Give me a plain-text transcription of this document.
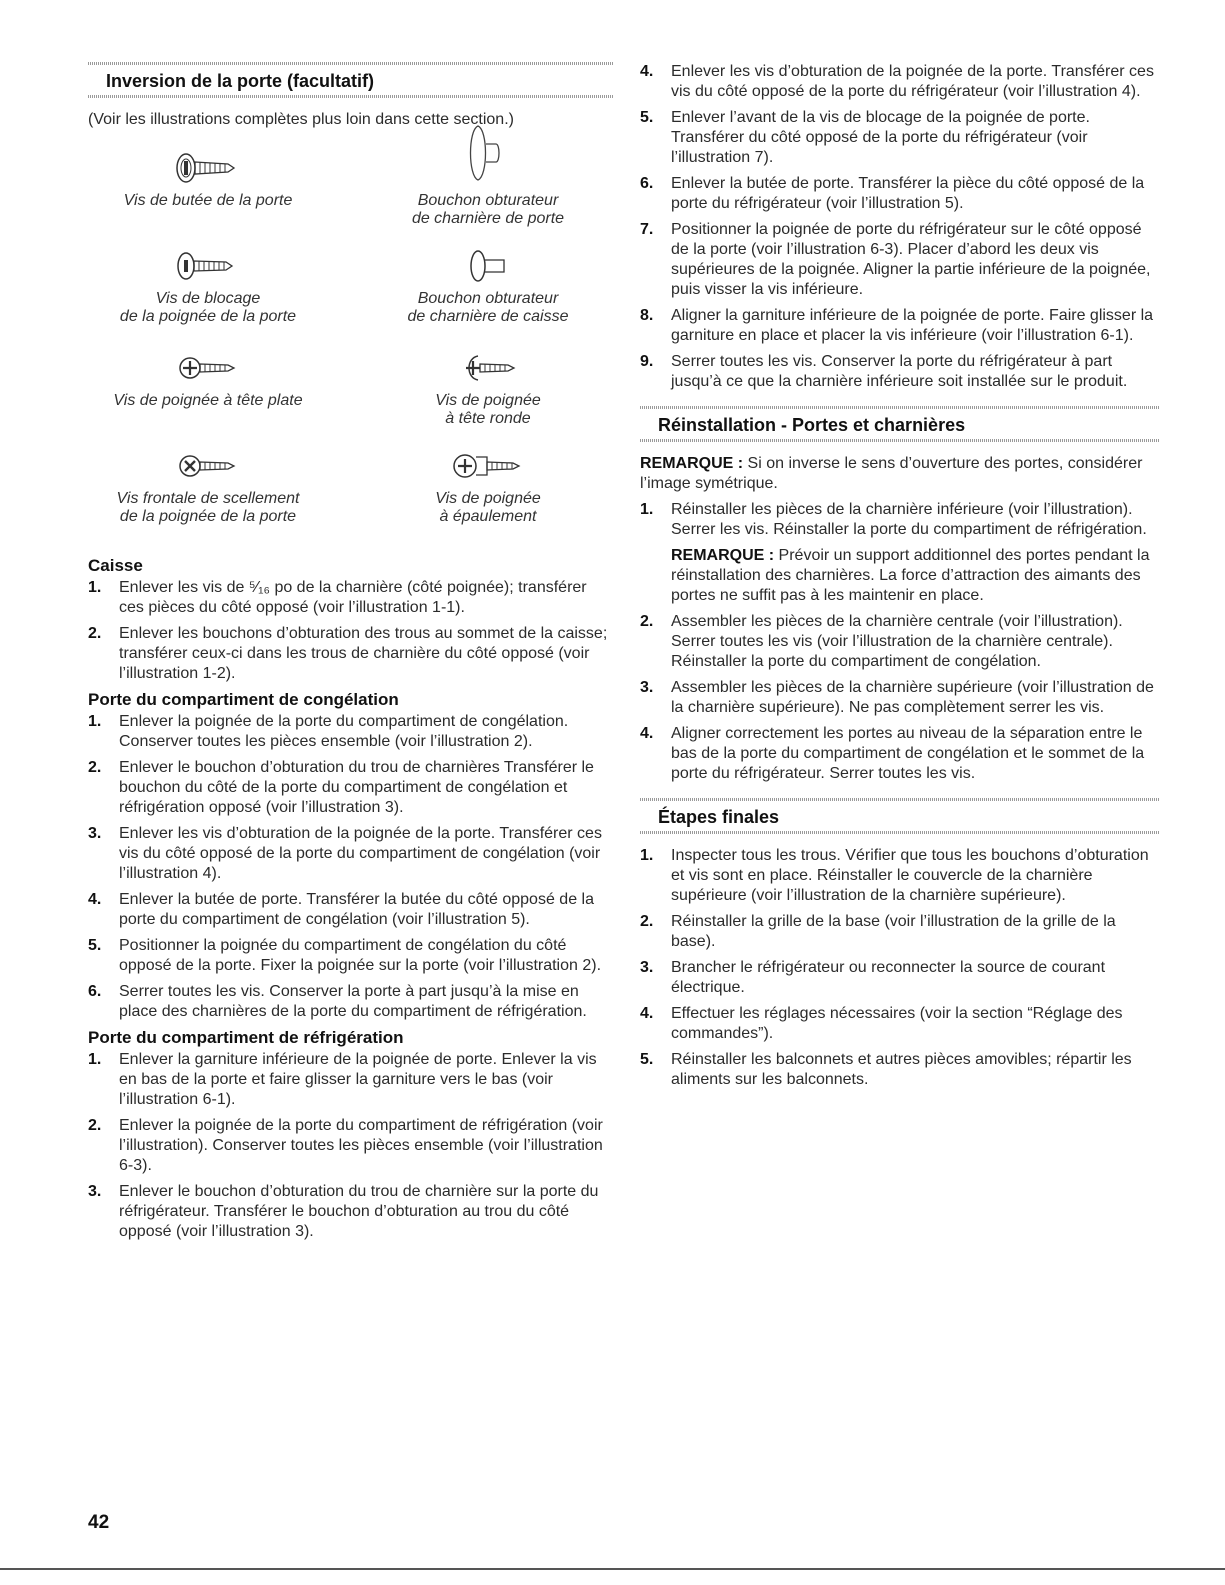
Inversion de la porte (facultatif)

(Voir les illustrations complètes plus loin dans cette section.)

Vis de butée de la porte	Bouchon obturateur
de charnière de porte
Vis de blocage
de la poignée de la porte
Bouchon obturateur
de charnière de caisse
Vis de poignée à tête plate	Vis de poignée
à tête ronde
Vis frontale de scellement
de la poignée de la porte
Vis de poignée
à épaulement
Caisse
1. Enlever les vis de ⁵⁄₁₆ po de la charnière (côté poignée); transférer ces pièces du côté opposé (voir l’illustration 1-1).
2. Enlever les bouchons d’obturation des trous au sommet de la caisse; transférer ceux-ci dans les trous de charnière du côté opposé (voir l’illustration 1-2).
Porte du compartiment de congélation
1. Enlever la poignée de la porte du compartiment de congélation. Conserver toutes les pièces ensemble (voir l’illustration 2).
2. Enlever le bouchon d’obturation du trou de charnières Transférer le bouchon du côté de la porte du compartiment de congélation et réfrigération opposé (voir l’illustration 3).
3. Enlever les vis d’obturation de la poignée de la porte. Transférer ces vis du côté opposé de la porte du compartiment de congélation (voir l’illustration 4).
4. Enlever la butée de porte. Transférer la butée du côté opposé de la porte du compartiment de congélation (voir l’illustration 5).
5. Positionner la poignée du compartiment de congélation du côté opposé de la porte. Fixer la poignée sur la porte (voir l’illustration 2).
6. Serrer toutes les vis. Conserver la porte à part jusqu’à la mise en place des charnières de la porte du compartiment de réfrigération.
Porte du compartiment de réfrigération
1. Enlever la garniture inférieure de la poignée de porte. Enlever la vis en bas de la porte et faire glisser la garniture vers le bas (voir l’illustration 6-1).
2. Enlever la poignée de la porte du compartiment de réfrigération (voir l’illustration). Conserver toutes les pièces ensemble (voir l’illustration 6-3).
3. Enlever le bouchon d’obturation du trou de charnière sur la porte du réfrigérateur. Transférer le bouchon d’obturation au trou du côté opposé (voir l’illustration 3).
4. Enlever les vis d’obturation de la poignée de la porte. Transférer ces vis du côté opposé de la porte du réfrigérateur (voir l’illustration 4).
5. Enlever l’avant de la vis de blocage de la poignée de porte. Transférer du côté opposé de la porte du réfrigérateur (voir l’illustration 7).
6. Enlever la butée de porte. Transférer la pièce du côté opposé de la porte du réfrigérateur (voir l’illustration 5).
7. Positionner la poignée de porte du réfrigérateur sur le côté opposé de la porte (voir l’illustration 6-3). Placer d’abord les deux vis supérieures de la poignée. Aligner la partie inférieure de la poignée, puis visser la vis inférieure.
8. Aligner la garniture inférieure de la poignée de porte. Faire glisser la garniture en place et placer la vis inférieure (voir l’illustration 6-1).
9. Serrer toutes les vis. Conserver la porte du réfrigérateur à part jusqu’à ce que la charnière inférieure soit installée sur le produit.
Réinstallation - Portes et charnières

REMARQUE : Si on inverse le sens d’ouverture des portes, considérer l’image symétrique.

1. Réinstaller les pièces de la charnière inférieure (voir l’illustration). Serrer les vis. Réinstaller la porte du compartiment de réfrigération.

REMARQUE : Prévoir un support additionnel des portes pendant la réinstallation des charnières. La force d’attraction des aimants des portes ne suffit pas à les maintenir en place.

2. Assembler les pièces de la charnière centrale (voir l’illustration). Serrer toutes les vis (voir l’illustration de la charnière centrale). Réinstaller la porte du compartiment de congélation.
3. Assembler les pièces de la charnière supérieure (voir l’illustration de la charnière supérieure). Ne pas complètement serrer les vis.
4. Aligner correctement les portes au niveau de la séparation entre le bas de la porte du compartiment de congélation et le sommet de la porte du réfrigérateur. Serrer toutes les vis.
Étapes finales
1. Inspecter tous les trous. Vérifier que tous les bouchons d’obturation et vis sont en place. Réinstaller le couvercle de la charnière supérieure (voir l’illustration de la charnière supérieure).
2. Réinstaller la grille de la base (voir l’illustration de la grille de la base).
3. Brancher le réfrigérateur ou reconnecter la source de courant électrique.
4. Effectuer les réglages nécessaires (voir la section “Réglage des commandes”).
5. Réinstaller les balconnets et autres pièces amovibles; répartir les aliments sur les balconnets.
42
